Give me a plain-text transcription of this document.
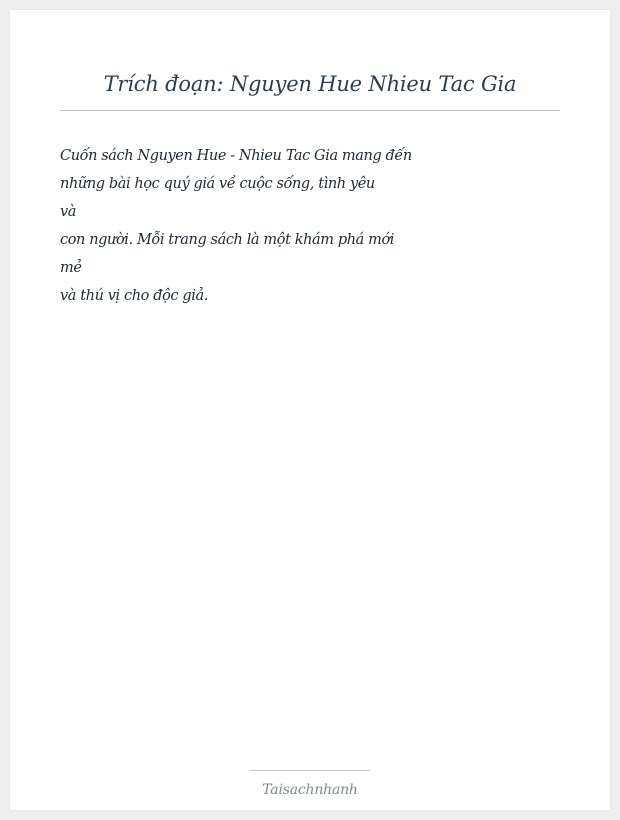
Trích đoạn: Nguyen Hue Nhieu Tac Gia
Cuốn sách Nguyen Hue - Nhieu Tac Gia mang đến
những bài học quý giá về cuộc sống, tình yêu
và
con người. Mỗi trang sách là một khám phá mới
mẻ
và thú vị cho độc giả.
Taisachnhanh
